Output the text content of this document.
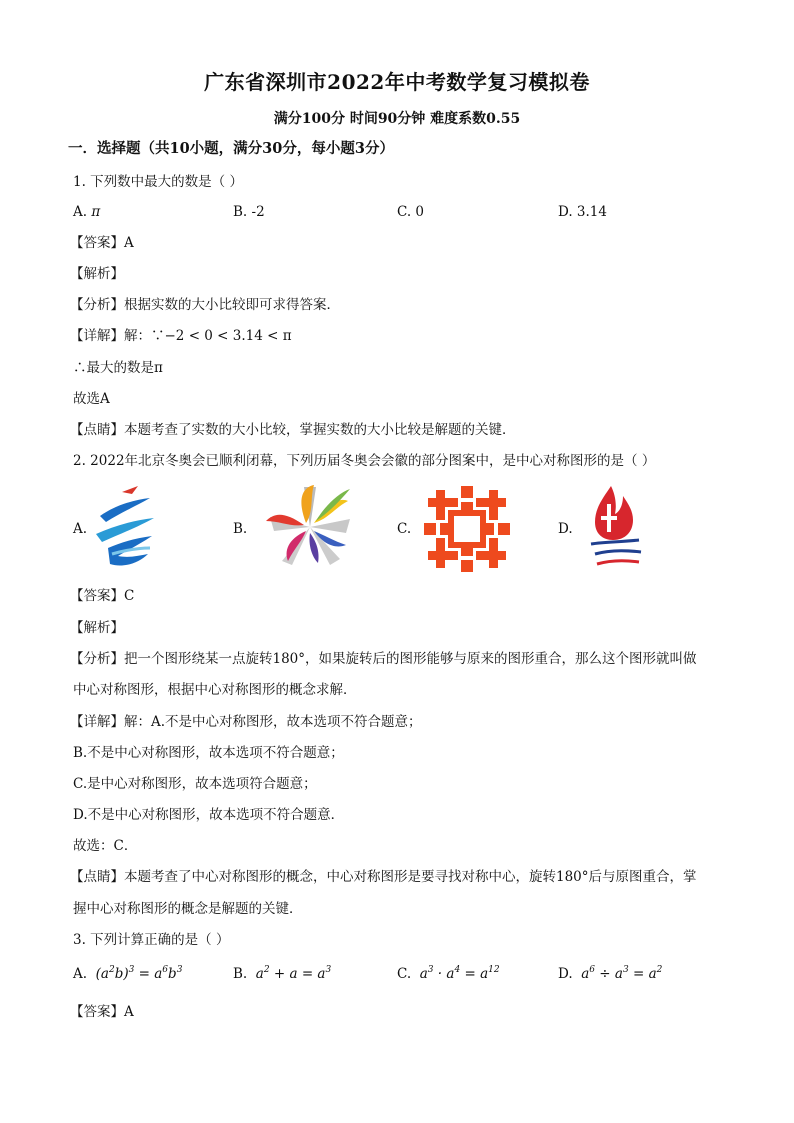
广东省深圳市2022年中考数学复习模拟卷
满分100分 时间90分钟 难度系数0.55
一．选择题（共10小题，满分30分，每小题3分）
1. 下列数中最大的数是（ ）
A. π	B. -2	C. 0	D. 3.14
【答案】A
【解析】
【分析】根据实数的大小比较即可求得答案．
【详解】解：∵−2 < 0 < 3.14 < π
∴最大的数是π
故选A
【点睛】本题考查了实数的大小比较，掌握实数的大小比较是解题的关键．
2. 2022年北京冬奥会已顺利闭幕，下列历届冬奥会会徽的部分图案中，是中心对称图形的是（ ）
A.	B.	C.	D.
【答案】C
【解析】
【分析】把一个图形绕某一点旋转180°，如果旋转后的图形能够与原来的图形重合，那么这个图形就叫做
中心对称图形，根据中心对称图形的概念求解．
【详解】解：A.不是中心对称图形，故本选项不符合题意；
B.不是中心对称图形，故本选项不符合题意；
C.是中心对称图形，故本选项符合题意；
D.不是中心对称图形，故本选项不符合题意．
故选：C．
【点睛】本题考查了中心对称图形的概念，中心对称图形是要寻找对称中心，旋转180°后与原图重合，掌
握中心对称图形的概念是解题的关键．
3. 下列计算正确的是（ ）
A.  $(a^2b)^3 = a^6b^3$	B.  $a^2 + a = a^3$	C.  $a^3 \cdot a^4 = a^{12}$	D.  $a^6 \div a^3 = a^2$
【答案】A
